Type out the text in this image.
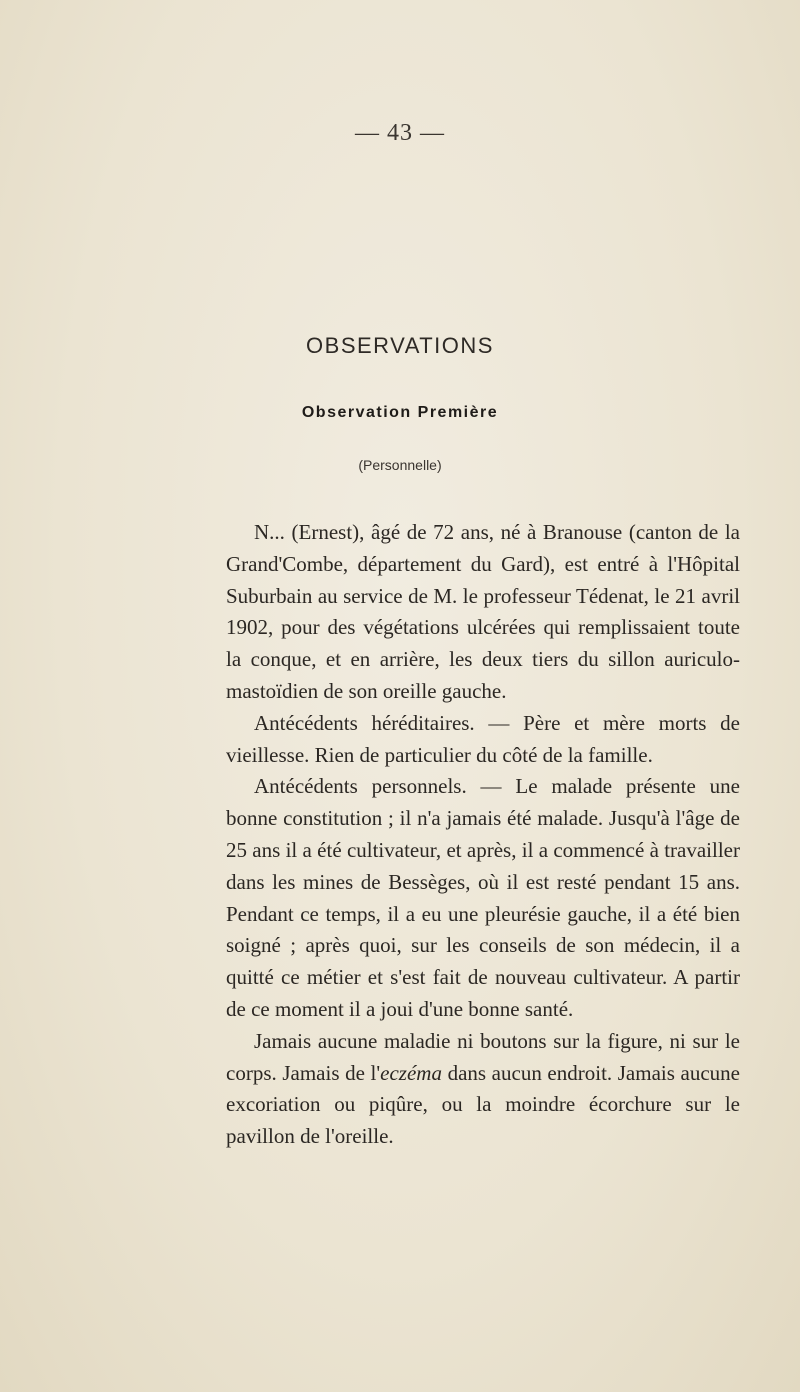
— 43 —
OBSERVATIONS
Observation Première
(Personnelle)

N... (Ernest), âgé de 72 ans, né à Branouse (canton de la Grand'Combe, département du Gard), est entré à l'Hôpital Suburbain au service de M. le professeur Tédenat, le 21 avril 1902, pour des végétations ulcérées qui remplissaient toute la conque, et en arrière, les deux tiers du sillon auriculo-mastoïdien de son oreille gauche.

Antécédents héréditaires. — Père et mère morts de vieillesse. Rien de particulier du côté de la famille.

Antécédents personnels. — Le malade présente une bonne constitution ; il n'a jamais été malade. Jusqu'à l'âge de 25 ans il a été cultivateur, et après, il a commencé à travailler dans les mines de Bessèges, où il est resté pendant 15 ans. Pendant ce temps, il a eu une pleurésie gauche, il a été bien soigné ; après quoi, sur les conseils de son médecin, il a quitté ce métier et s'est fait de nouveau cultivateur. A partir de ce moment il a joui d'une bonne santé.

Jamais aucune maladie ni boutons sur la figure, ni sur le corps. Jamais de l'eczéma dans aucun endroit. Jamais aucune excoriation ou piqûre, ou la moindre écorchure sur le pavillon de l'oreille.
